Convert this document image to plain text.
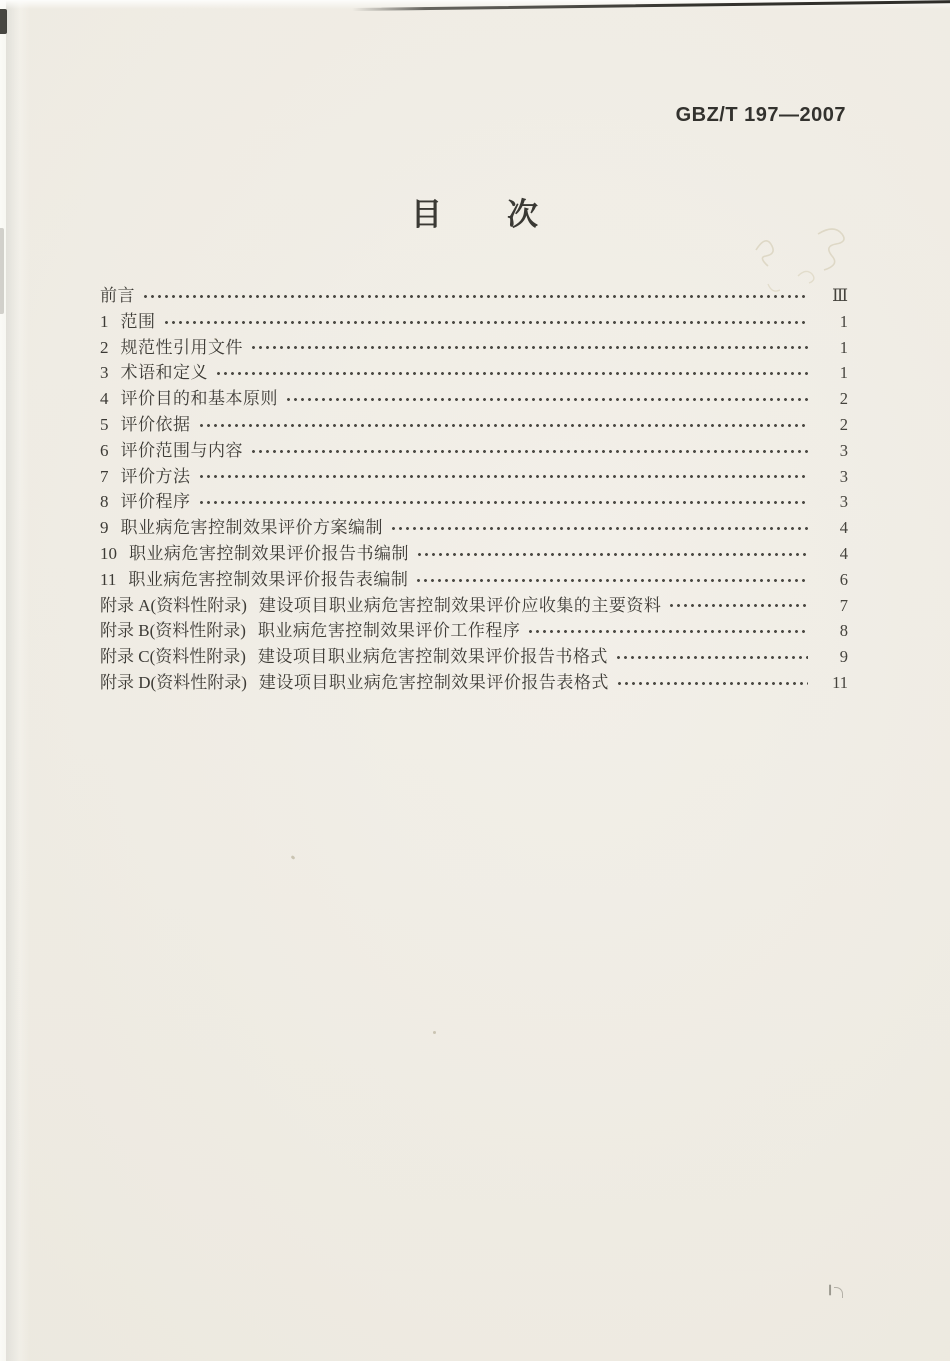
GBZ/T 197—2007
目　　次
前言	Ⅲ
1 范围	1
2 规范性引用文件	1
3 术语和定义	1
4 评价目的和基本原则	2
5 评价依据	2
6 评价范围与内容	3
7 评价方法	3
8 评价程序	3
9 职业病危害控制效果评价方案编制	4
10 职业病危害控制效果评价报告书编制	4
11 职业病危害控制效果评价报告表编制	6
附录 A(资料性附录) 建设项目职业病危害控制效果评价应收集的主要资料	7
附录 B(资料性附录) 职业病危害控制效果评价工作程序	8
附录 C(资料性附录) 建设项目职业病危害控制效果评价报告书格式	9
附录 D(资料性附录) 建设项目职业病危害控制效果评价报告表格式	11
Ⅰ
